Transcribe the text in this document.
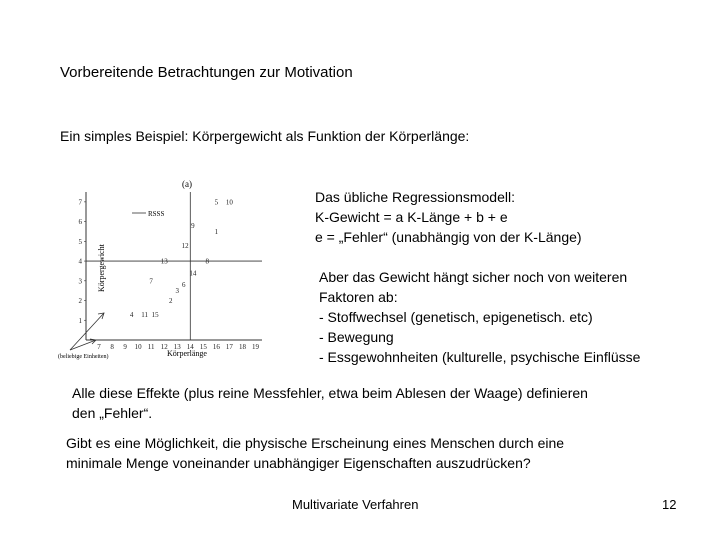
Vorbereitende Betrachtungen zur Motivation
Ein simples Beispiel: Körpergewicht als Funktion der Körperlänge:
(a)
RSSS
1
2
3
4
5
6
7
7 8 9 10 11 12 13 14 15 16 17 18 19
1
2
3
4
5
6
7
8
9
10
11
12
13
14
15
Körpergewicht
Körperlänge
(beliebige Einheiten)
Das übliche Regressionsmodell:
K-Gewicht = a K-Länge + b + e
e = „Fehler“ (unabhängig von der K-Länge)
Aber das Gewicht hängt sicher noch von weiteren
Faktoren ab:
- Stoffwechsel (genetisch, epigenetisch. etc)
- Bewegung
- Essgewohnheiten (kulturelle, psychische Einflüsse
Alle diese Effekte (plus reine Messfehler, etwa beim Ablesen der Waage) definieren
den „Fehler“.
Gibt es eine Möglichkeit, die physische Erscheinung eines Menschen durch eine
minimale Menge voneinander unabhängiger Eigenschaften auszudrücken?
Multivariate Verfahren	12
